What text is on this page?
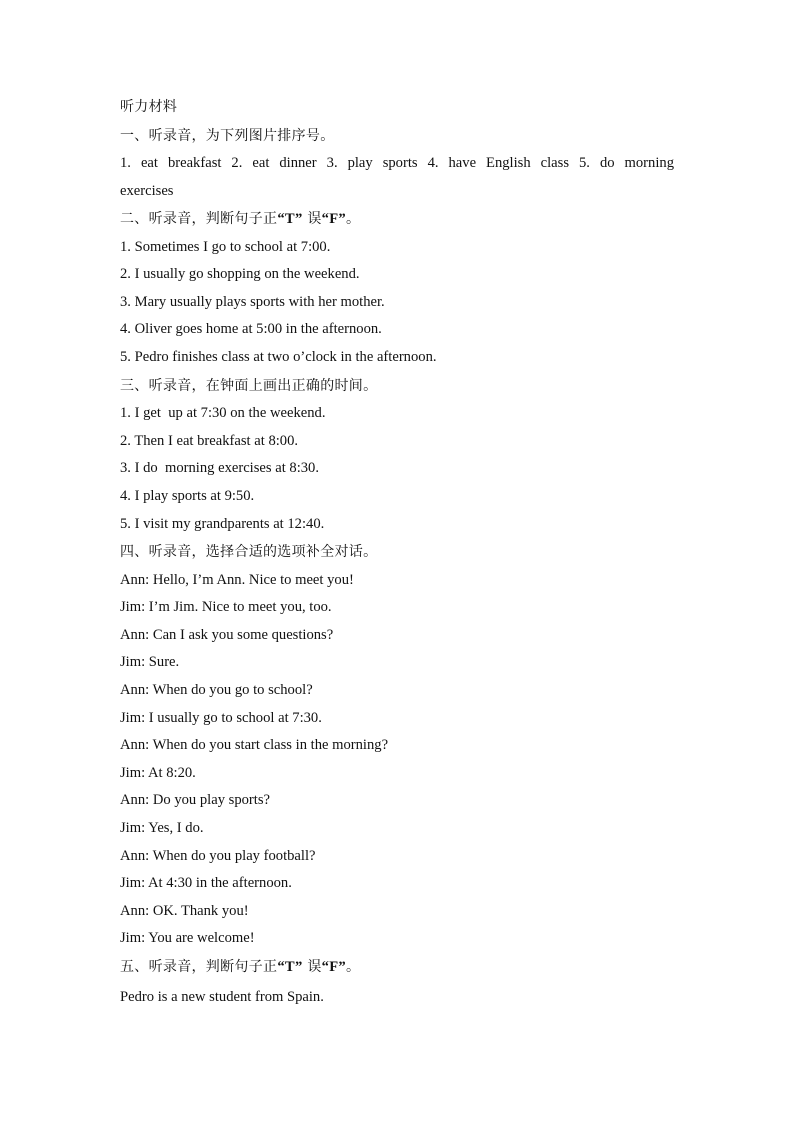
听力材料
一、听录音，为下列图片排序号。
1. eat breakfast 2. eat dinner 3. play sports 4. have English class 5. do morning
exercises
二、听录音，判断句子正“T” 误“F”。
1. Sometimes I go to school at 7:00.
2. I usually go shopping on the weekend.
3. Mary usually plays sports with her mother.
4. Oliver goes home at 5:00 in the afternoon.
5. Pedro finishes class at two o’clock in the afternoon.
三、听录音，在钟面上画出正确的时间。
1. I get  up at 7:30 on the weekend.
2. Then I eat breakfast at 8:00.
3. I do  morning exercises at 8:30.
4. I play sports at 9:50.
5. I visit my grandparents at 12:40.
四、听录音，选择合适的选项补全对话。
Ann: Hello, I’m Ann. Nice to meet you!
Jim: I’m Jim. Nice to meet you, too.
Ann: Can I ask you some questions?
Jim: Sure.
Ann: When do you go to school?
Jim: I usually go to school at 7:30.
Ann: When do you start class in the morning?
Jim: At 8:20.
Ann: Do you play sports?
Jim: Yes, I do.
Ann: When do you play football?
Jim: At 4:30 in the afternoon.
Ann: OK. Thank you!
Jim: You are welcome!
五、听录音，判断句子正“T” 误“F”。
Pedro is a new student from Spain.
